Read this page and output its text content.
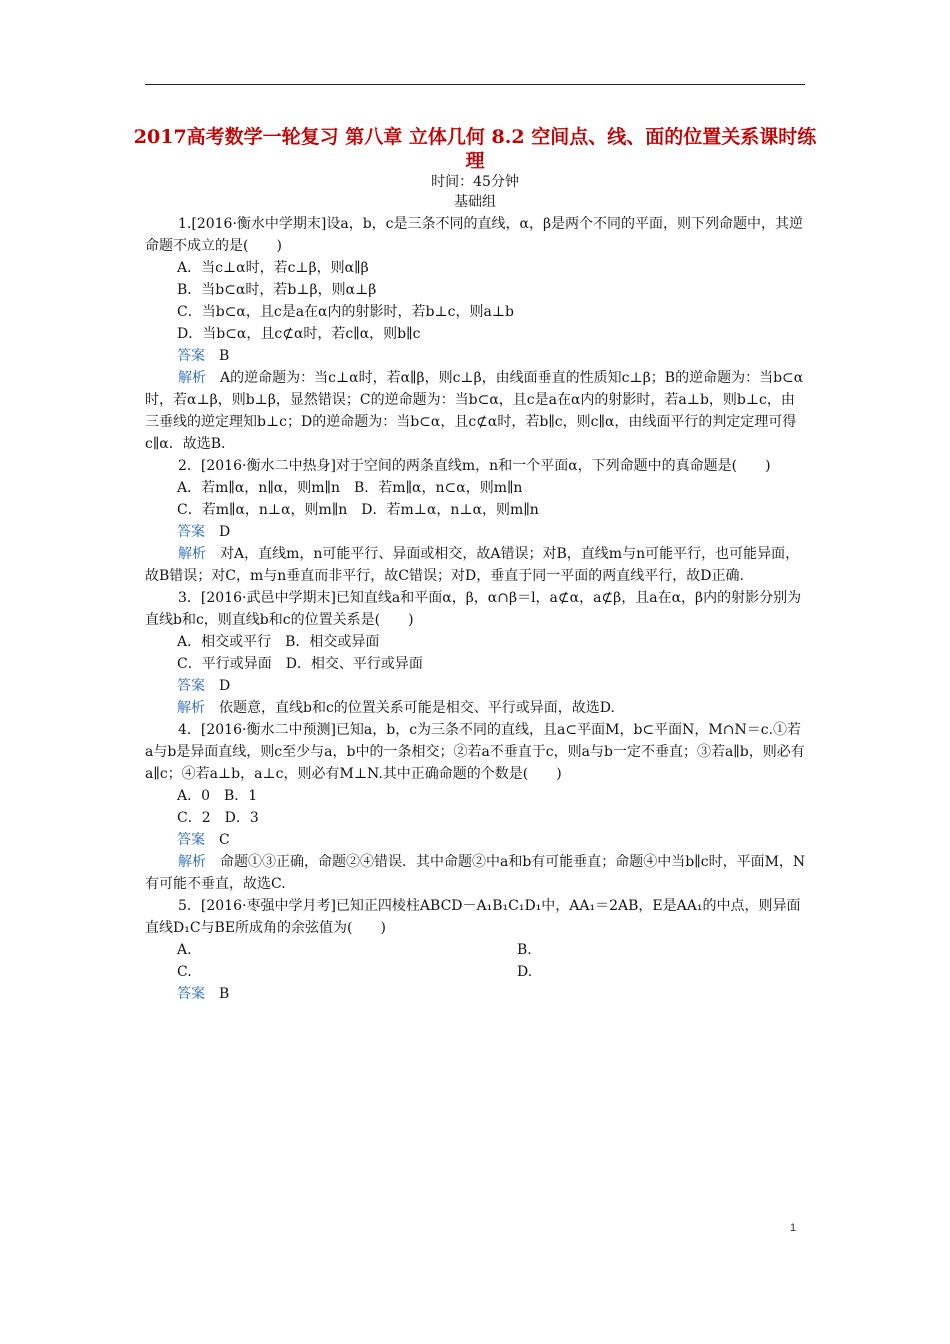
2017高考数学一轮复习 第八章 立体几何 8.2 空间点、线、面的位置关系课时练 理
时间：45分钟
基础组

1.[2016·衡水中学期末]设a，b，c是三条不同的直线，α，β是两个不同的平面，则下列命题中，其逆命题不成立的是(　　)

A．当c⊥α时，若c⊥β，则α∥β

B．当b⊂α时，若b⊥β，则α⊥β

C．当b⊂α，且c是a在α内的射影时，若b⊥c，则a⊥b

D．当b⊂α，且c⊄α时，若c∥α，则b∥c

答案　 B

解析　 A的逆命题为：当c⊥α时，若α∥β，则c⊥β，由线面垂直的性质知c⊥β；B的逆命题为：当b⊂α时，若α⊥β，则b⊥β，显然错误；C的逆命题为：当b⊂α，且c是a在α内的射影时，若a⊥b，则b⊥c，由三垂线的逆定理知b⊥c；D的逆命题为：当b⊂α，且c⊄α时，若b∥c，则c∥α，由线面平行的判定定理可得c∥α．故选B.

2．[2016·衡水二中热身]对于空间的两条直线m，n和一个平面α，下列命题中的真命题是(　　)

A．若m∥α，n∥α，则m∥n　B．若m∥α，n⊂α，则m∥n

C．若m∥α，n⊥α，则m∥n　D．若m⊥α，n⊥α，则m∥n

答案　 D

解析　 对A，直线m，n可能平行、异面或相交，故A错误；对B，直线m与n可能平行，也可能异面，故B错误；对C，m与n垂直而非平行，故C错误；对D，垂直于同一平面的两直线平行，故D正确.

3．[2016·武邑中学期末]已知直线a和平面α，β，α∩β＝l，a⊄α，a⊄β，且a在α，β内的射影分别为直线b和c，则直线b和c的位置关系是(　　)

A．相交或平行　B．相交或异面

C．平行或异面　D．相交、平行或异面

答案　 D

解析　 依题意，直线b和c的位置关系可能是相交、平行或异面，故选D.

4．[2016·衡水二中预测]已知a，b，c为三条不同的直线，且a⊂平面M，b⊂平面N，M∩N＝c.①若a与b是异面直线，则c至少与a，b中的一条相交；②若a不垂直于c，则a与b一定不垂直；③若a∥b，则必有a∥c；④若a⊥b，a⊥c，则必有M⊥N.其中正确命题的个数是(　　)

A．0　B．1

C．2　D．3

答案　 C

解析　 命题①③正确，命题②④错误．其中命题②中a和b有可能垂直；命题④中当b∥c时，平面M，N有可能不垂直，故选C.

5．[2016·枣强中学月考]已知正四棱柱ABCD－A₁B₁C₁D₁中，AA₁＝2AB，E是AA₁的中点，则异面直线D₁C与BE所成角的余弦值为(　　)

A.	B.
C.	D.

答案　 B

1
